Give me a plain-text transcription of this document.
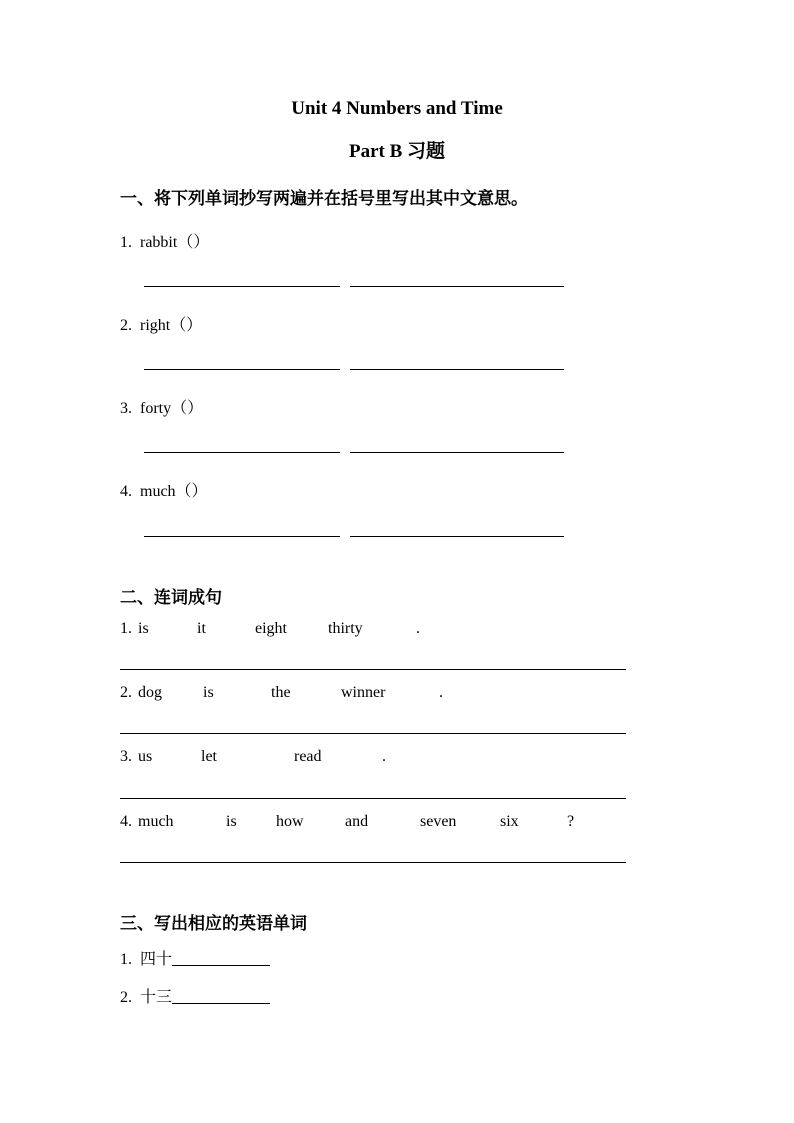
Unit 4 Numbers and Time
Part B 习题
一、将下列单词抄写两遍并在括号里写出其中文意思。
1. rabbit（）
2. right（）
3. forty（）
4. much（）
二、连词成句
1. is	it	eight	thirty	.
2. dog	is	the	winner	.
3. us	let	read	.
4. much	is how	and	seven	six	?
三、写出相应的英语单词
1. 四十
2. 十三
